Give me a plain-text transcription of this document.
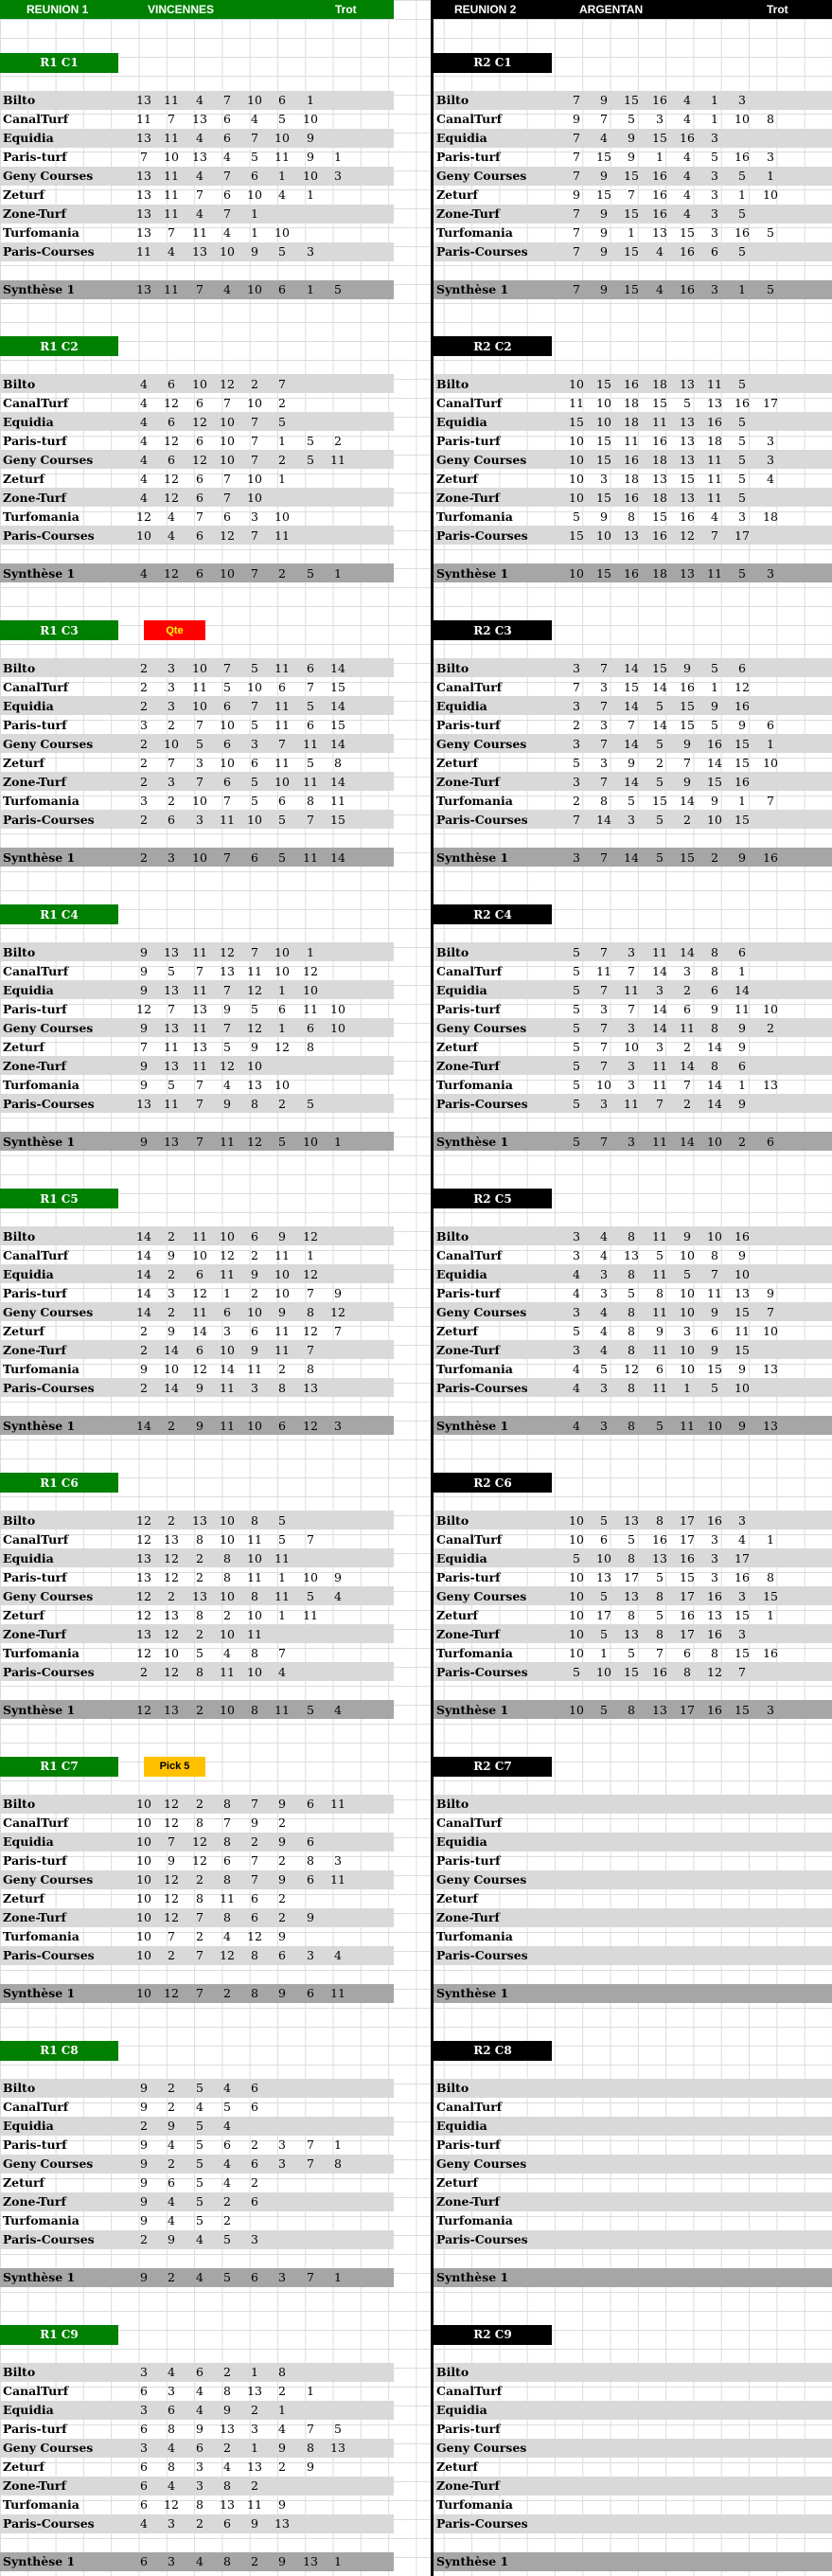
REUNION 1	VINCENNES	Trot	REUNION 2	ARGENTAN	Trot
R1 C1	R2 C1
Bilto	13	11	4	7	10	6	1	Bilto	7	9	15	16	4	1	3
CanalTurf	11	7	13	6	4	5	10	CanalTurf	9	7	5	3	4	1	10	8
Equidia	13	11	4	6	7	10	9	Equidia	7	4	9	15	16	3
Paris-turf	7	10	13	4	5	11	9	1	Paris-turf	7	15	9	1	4	5	16	3
Geny Courses	13	11	4	7	6	1	10	3	Geny Courses	7	9	15	16	4	3	5	1
Zeturf	13	11	7	6	10	4	1	Zeturf	9	15	7	16	4	3	1	10
Zone-Turf	13	11	4	7	1	Zone-Turf	7	9	15	16	4	3	5
Turfomania	13	7	11	4	1	10	Turfomania	7	9	1	13	15	3	16	5
Paris-Courses	11	4	13	10	9	5	3	Paris-Courses	7	9	15	4	16	6	5
Synthèse 1	13	11	7	4	10	6	1	5	Synthèse 1	7	9	15	4	16	3	1	5
R1 C2	R2 C2
Bilto	4	6	10	12	2	7	Bilto	10	15	16	18	13	11	5
CanalTurf	4	12	6	7	10	2	CanalTurf	11	10	18	15	5	13	16	17
Equidia	4	6	12	10	7	5	Equidia	15	10	18	11	13	16	5
Paris-turf	4	12	6	10	7	1	5	2	Paris-turf	10	15	11	16	13	18	5	3
Geny Courses	4	6	12	10	7	2	5	11	Geny Courses	10	15	16	18	13	11	5	3
Zeturf	4	12	6	7	10	1	Zeturf	10	3	18	13	15	11	5	4
Zone-Turf	4	12	6	7	10	Zone-Turf	10	15	16	18	13	11	5
Turfomania	12	4	7	6	3	10	Turfomania	5	9	8	15	16	4	3	18
Paris-Courses	10	4	6	12	7	11	Paris-Courses	15	10	13	16	12	7	17
Synthèse 1	4	12	6	10	7	2	5	1	Synthèse 1	10	15	16	18	13	11	5	3
R1 C3	Qte	R2 C3
Bilto	2	3	10	7	5	11	6	14	Bilto	3	7	14	15	9	5	6
CanalTurf	2	3	11	5	10	6	7	15	CanalTurf	7	3	15	14	16	1	12
Equidia	2	3	10	6	7	11	5	14	Equidia	3	7	14	5	15	9	16
Paris-turf	3	2	7	10	5	11	6	15	Paris-turf	2	3	7	14	15	5	9	6
Geny Courses	2	10	5	6	3	7	11	14	Geny Courses	3	7	14	5	9	16	15	1
Zeturf	2	7	3	10	6	11	5	8	Zeturf	5	3	9	2	7	14	15	10
Zone-Turf	2	3	7	6	5	10	11	14	Zone-Turf	3	7	14	5	9	15	16
Turfomania	3	2	10	7	5	6	8	11	Turfomania	2	8	5	15	14	9	1	7
Paris-Courses	2	6	3	11	10	5	7	15	Paris-Courses	7	14	3	5	2	10	15
Synthèse 1	2	3	10	7	6	5	11	14	Synthèse 1	3	7	14	5	15	2	9	16
R1 C4	R2 C4
Bilto	9	13	11	12	7	10	1	Bilto	5	7	3	11	14	8	6
CanalTurf	9	5	7	13	11	10	12	CanalTurf	5	11	7	14	3	8	1
Equidia	9	13	11	7	12	1	10	Equidia	5	7	11	3	2	6	14
Paris-turf	12	7	13	9	5	6	11	10	Paris-turf	5	3	7	14	6	9	11	10
Geny Courses	9	13	11	7	12	1	6	10	Geny Courses	5	7	3	14	11	8	9	2
Zeturf	7	11	13	5	9	12	8	Zeturf	5	7	10	3	2	14	9
Zone-Turf	9	13	11	12	10	Zone-Turf	5	7	3	11	14	8	6
Turfomania	9	5	7	4	13	10	Turfomania	5	10	3	11	7	14	1	13
Paris-Courses	13	11	7	9	8	2	5	Paris-Courses	5	3	11	7	2	14	9
Synthèse 1	9	13	7	11	12	5	10	1	Synthèse 1	5	7	3	11	14	10	2	6
R1 C5	R2 C5
Bilto	14	2	11	10	6	9	12	Bilto	3	4	8	11	9	10	16
CanalTurf	14	9	10	12	2	11	1	CanalTurf	3	4	13	5	10	8	9
Equidia	14	2	6	11	9	10	12	Equidia	4	3	8	11	5	7	10
Paris-turf	14	3	12	1	2	10	7	9	Paris-turf	4	3	5	8	10	11	13	9
Geny Courses	14	2	11	6	10	9	8	12	Geny Courses	3	4	8	11	10	9	15	7
Zeturf	2	9	14	3	6	11	12	7	Zeturf	5	4	8	9	3	6	11	10
Zone-Turf	2	14	6	10	9	11	7	Zone-Turf	3	4	8	11	10	9	15
Turfomania	9	10	12	14	11	2	8	Turfomania	4	5	12	6	10	15	9	13
Paris-Courses	2	14	9	11	3	8	13	Paris-Courses	4	3	8	11	1	5	10
Synthèse 1	14	2	9	11	10	6	12	3	Synthèse 1	4	3	8	5	11	10	9	13
R1 C6	R2 C6
Bilto	12	2	13	10	8	5	Bilto	10	5	13	8	17	16	3
CanalTurf	12	13	8	10	11	5	7	CanalTurf	10	6	5	16	17	3	4	1
Equidia	13	12	2	8	10	11	Equidia	5	10	8	13	16	3	17
Paris-turf	13	12	2	8	11	1	10	9	Paris-turf	10	13	17	5	15	3	16	8
Geny Courses	12	2	13	10	8	11	5	4	Geny Courses	10	5	13	8	17	16	3	15
Zeturf	12	13	8	2	10	1	11	Zeturf	10	17	8	5	16	13	15	1
Zone-Turf	13	12	2	10	11	Zone-Turf	10	5	13	8	17	16	3
Turfomania	12	10	5	4	8	7	Turfomania	10	1	5	7	6	8	15	16
Paris-Courses	2	12	8	11	10	4	Paris-Courses	5	10	15	16	8	12	7
Synthèse 1	12	13	2	10	8	11	5	4	Synthèse 1	10	5	8	13	17	16	15	3
R1 C7	Pick 5	R2 C7
Bilto	10	12	2	8	7	9	6	11	Bilto
CanalTurf	10	12	8	7	9	2	CanalTurf
Equidia	10	7	12	8	2	9	6	Equidia
Paris-turf	10	9	12	6	7	2	8	3	Paris-turf
Geny Courses	10	12	2	8	7	9	6	11	Geny Courses
Zeturf	10	12	8	11	6	2	Zeturf
Zone-Turf	10	12	7	8	6	2	9	Zone-Turf
Turfomania	10	7	2	4	12	9	Turfomania
Paris-Courses	10	2	7	12	8	6	3	4	Paris-Courses
Synthèse 1	10	12	7	2	8	9	6	11	Synthèse 1
R1 C8	R2 C8
Bilto	9	2	5	4	6	Bilto
CanalTurf	9	2	4	5	6	CanalTurf
Equidia	2	9	5	4	Equidia
Paris-turf	9	4	5	6	2	3	7	1	Paris-turf
Geny Courses	9	2	5	4	6	3	7	8	Geny Courses
Zeturf	9	6	5	4	2	Zeturf
Zone-Turf	9	4	5	2	6	Zone-Turf
Turfomania	9	4	5	2	Turfomania
Paris-Courses	2	9	4	5	3	Paris-Courses
Synthèse 1	9	2	4	5	6	3	7	1	Synthèse 1
R1 C9	R2 C9
Bilto	3	4	6	2	1	8	Bilto
CanalTurf	6	3	4	8	13	2	1	CanalTurf
Equidia	3	6	4	9	2	1	Equidia
Paris-turf	6	8	9	13	3	4	7	5	Paris-turf
Geny Courses	3	4	6	2	1	9	8	13	Geny Courses
Zeturf	6	8	3	4	13	2	9	Zeturf
Zone-Turf	6	4	3	8	2	Zone-Turf
Turfomania	6	12	8	13	11	9	Turfomania
Paris-Courses	4	3	2	6	9	13	Paris-Courses
Synthèse 1	6	3	4	8	2	9	13	1	Synthèse 1
